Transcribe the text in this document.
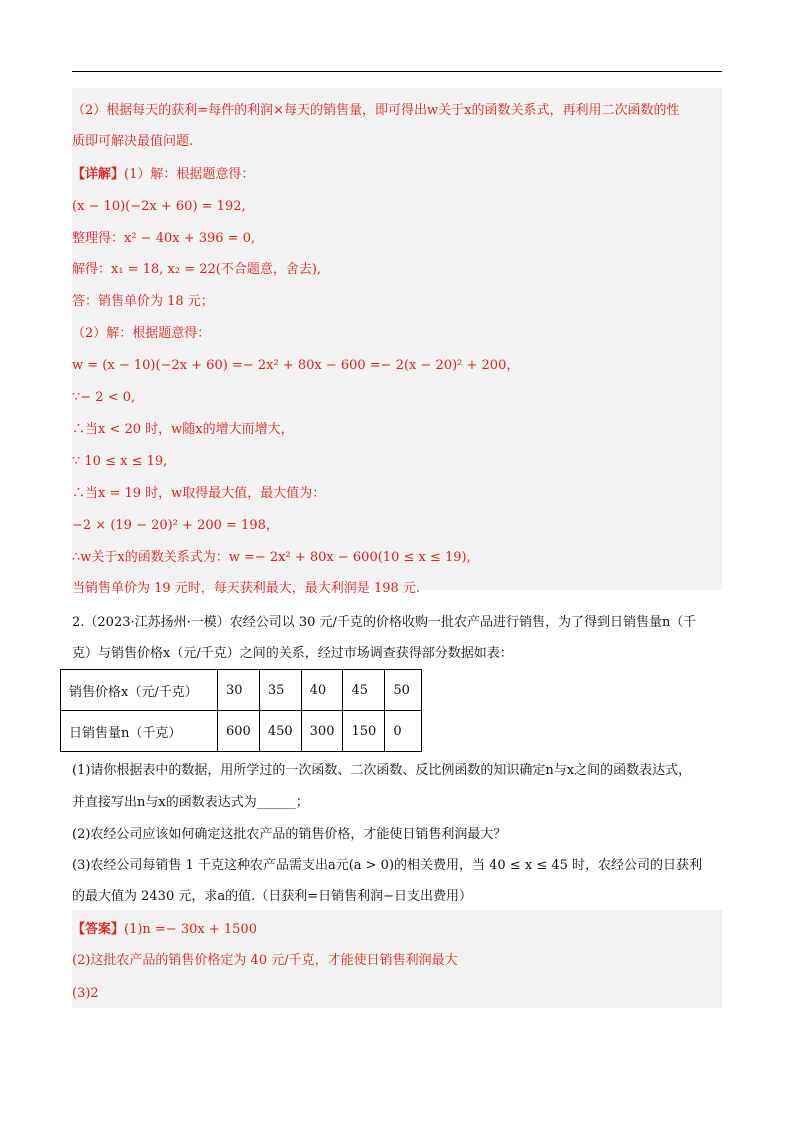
（2）根据每天的获利=每件的利润×每天的销售量，即可得出w关于x的函数关系式，再利用二次函数的性
质即可解决最值问题.
【详解】(1）解：根据题意得：
(x − 10)(−2x + 60) = 192,
整理得：x² − 40x + 396 = 0,
解得：x₁ = 18, x₂ = 22(不合题意，舍去),
答：销售单价为 18 元；
（2）解：根据题意得：
w = (x − 10)(−2x + 60) =− 2x² + 80x − 600 =− 2(x − 20)² + 200，
∵− 2 < 0,
∴当x < 20 时，w随x的增大而增大，
∵ 10 ≤ x ≤ 19,
∴当x = 19 时，w取得最大值，最大值为：
−2 × (19 − 20)² + 200 = 198，
∴w关于x的函数关系式为：w =− 2x² + 80x − 600(10 ≤ x ≤ 19),
当销售单价为 19 元时，每天获利最大，最大利润是 198 元.
2.（2023·江苏扬州·一模）农经公司以 30 元/千克的价格收购一批农产品进行销售，为了得到日销售量n（千
克）与销售价格x（元/千克）之间的关系，经过市场调查获得部分数据如表：
销售价格x（元/千克）	30	35	40	45	50
日销售量n（千克）	600	450	300	150	0
(1)请你根据表中的数据，用所学过的一次函数、二次函数、反比例函数的知识确定n与x之间的函数表达式，
并直接写出n与x的函数表达式为______；
(2)农经公司应该如何确定这批农产品的销售价格，才能使日销售利润最大？
(3)农经公司每销售 1 千克这种农产品需支出a元(a > 0)的相关费用，当 40 ≤ x ≤ 45 时，农经公司的日获利
的最大值为 2430 元，求a的值.（日获利=日销售利润−日支出费用）
【答案】(1)n =− 30x + 1500
(2)这批农产品的销售价格定为 40 元/千克，才能使日销售利润最大
(3)2
